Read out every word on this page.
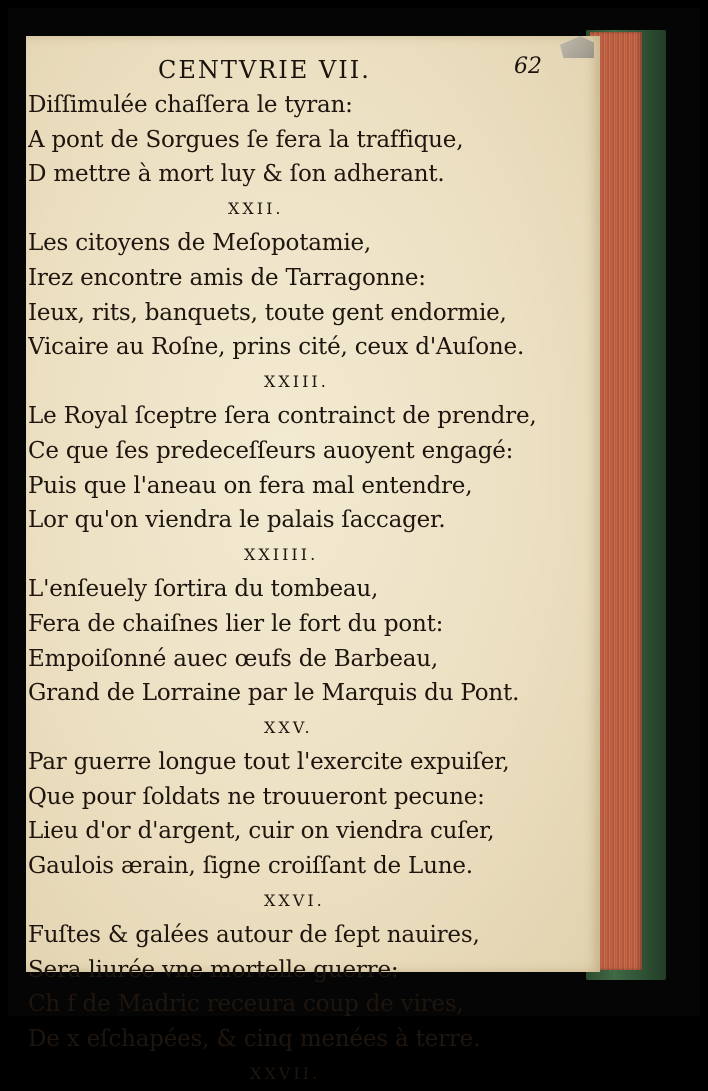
CENTVRIE VII.	62
Diſſimulée chaſſera le tyran:
A pont de Sorgues ſe fera la traffique,
D mettre à mort luy & ſon adherant.
XXII.
Les citoyens de Meſopotamie,
Irez encontre amis de Tarragonne:
Ieux, rits, banquets, toute gent endormie,
Vicaire au Roſne, prins cité, ceux d'Auſone.
XXIII.
Le Royal ſceptre ſera contrainct de prendre,
Ce que ſes predeceſſeurs auoyent engagé:
Puis que l'aneau on fera mal entendre,
Lor qu'on viendra le palais ſaccager.
XXIIII.
L'enſeuely ſortira du tombeau,
Fera de chaiſnes lier le fort du pont:
Empoiſonné auec œufs de Barbeau,
Grand de Lorraine par le Marquis du Pont.
XXV.
Par guerre longue tout l'exercite expuiſer,
Que pour ſoldats ne trouueront pecune:
Lieu d'or d'argent, cuir on viendra cuſer,
Gaulois ærain, ſigne croiſſant de Lune.
XXVI.
Fuſtes & galées autour de ſept nauires,
Sera liurée vne mortelle guerre:
Ch f de Madric receura coup de vires,
De x eſchapées, & cinq menées à terre.
XXVII.
